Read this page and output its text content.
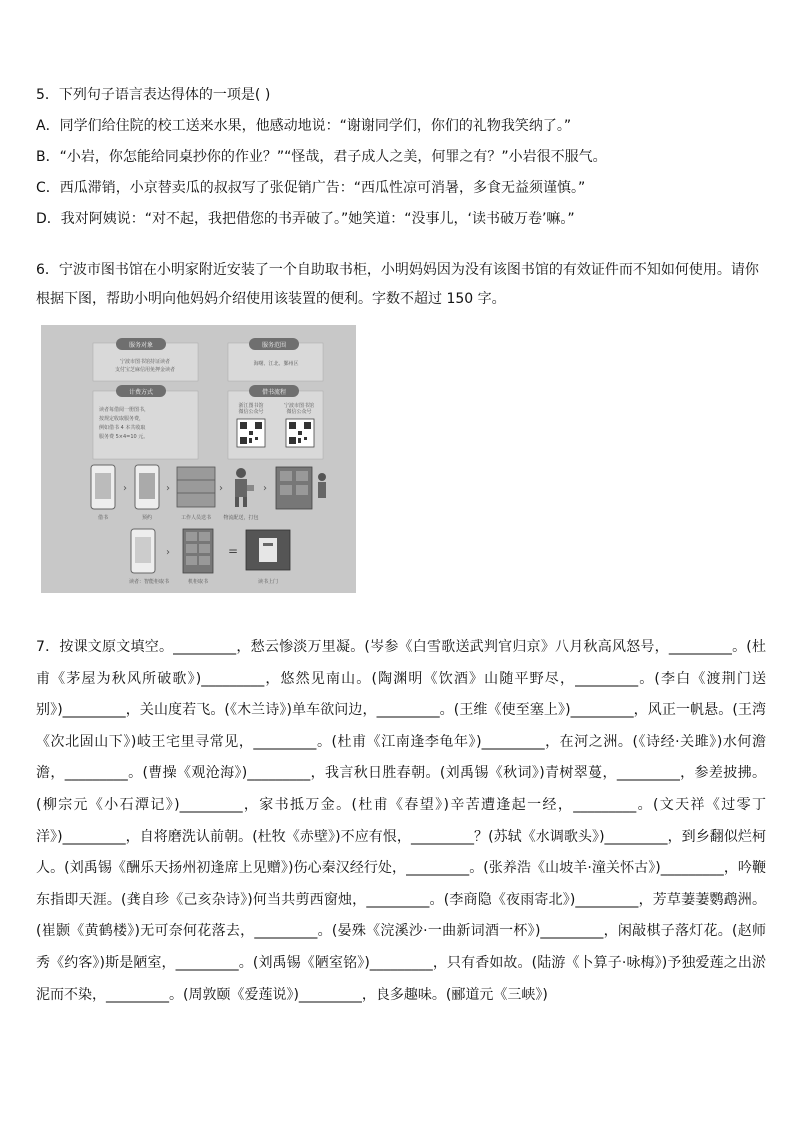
5．下列句子语言表达得体的一项是( )

A．同学们给住院的校工送来水果，他感动地说：“谢谢同学们，你们的礼物我笑纳了。”

B．“小岩，你怎能给同桌抄你的作业？”“怪哉，君子成人之美，何罪之有？”小岩很不服气。

C．西瓜滞销，小京替卖瓜的叔叔写了张促销广告：“西瓜性凉可消暑，多食无益须谨慎。”

D．我对阿姨说：“对不起，我把借您的书弄破了。”她笑道：“没事儿，‘读书破万卷’嘛。”

6．宁波市图书馆在小明家附近安装了一个自助取书柜，小明妈妈因为没有该图书馆的有效证件而不知如何使用。请你根据下图，帮助小明向他妈妈介绍使用该装置的便利。字数不超过 150 字。

服务对象
宁波市图书馆持证读者
支付宝芝麻信用免押金读者
服务范围
海曙、江北、鄞州区
计费方式
读者每借阅一册图书，
按规定收取服务费，
例如借书 4 本共收取
服务费 5×4=10 元。
借书流程
浙江图书馆
微信公众号
宁波市图书馆
微信公众号
借书
›
预约
›
工作人员送书
›
物流配送，打包
›
读者：智能柜取书
›
机柜取书
=
读书上门

7．按课文原文填空。_________，愁云惨淡万里凝。(岑参《白雪歌送武判官归京》八月秋高风怒号，_________。(杜甫《茅屋为秋风所破歌》)_________，悠然见南山。(陶渊明《饮酒》山随平野尽，_________。(李白《渡荆门送别》)_________，关山度若飞。(《木兰诗》)单车欲问边，_________。(王维《使至塞上》)_________，风正一帆悬。(王湾《次北固山下》)岐王宅里寻常见，_________。(杜甫《江南逢李龟年》)_________，在河之洲。(《诗经·关雎》)水何澹澹，_________。(曹操《观沧海》)_________，我言秋日胜春朝。(刘禹锡《秋词》)青树翠蔓，_________，参差披拂。(柳宗元《小石潭记》)_________，家书抵万金。(杜甫《春望》)辛苦遭逢起一经，_________。(文天祥《过零丁洋》)_________，自将磨洗认前朝。(杜牧《赤壁》)不应有恨，_________？(苏轼《水调歌头》)_________，到乡翻似烂柯人。(刘禹锡《酬乐天扬州初逢席上见赠》)伤心秦汉经行处，_________。(张养浩《山坡羊·潼关怀古》)_________，吟鞭东指即天涯。(龚自珍《己亥杂诗》)何当共剪西窗烛，_________。(李商隐《夜雨寄北》)_________，芳草萋萋鹦鹉洲。(崔颢《黄鹤楼》)无可奈何花落去，_________。(晏殊《浣溪沙·一曲新词酒一杯》)_________，闲敲棋子落灯花。(赵师秀《约客》)斯是陋室，_________。(刘禹锡《陋室铭》)_________，只有香如故。(陆游《卜算子·咏梅》)予独爱莲之出淤泥而不染，_________。(周敦颐《爱莲说》)_________，良多趣味。(郦道元《三峡》)
